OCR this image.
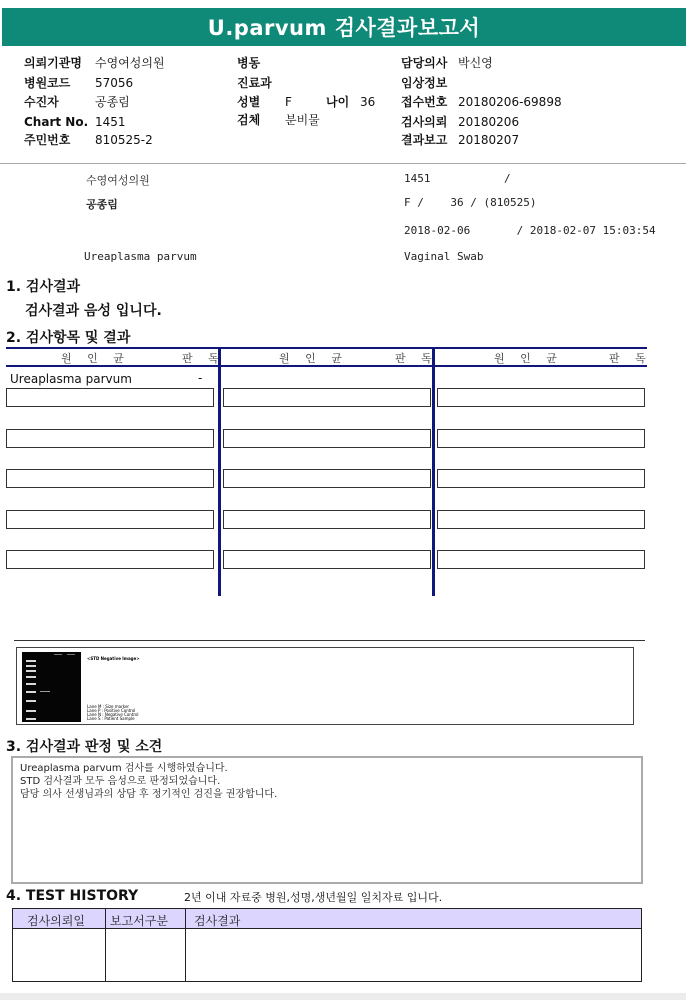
U.parvum 검사결과보고서
의뢰기관명 수영여성의원
병원코드 57056
수진자	공종림
Chart No. 1451
주민번호 810525-2
병동
진료과
성별 F	나이 36
검체 분비물
담당의사 박신영
임상정보
접수번호 20180206-69898
검사의뢰 20180206
결과보고 20180207
수영여성의원	1451	/
공종림	F /    36 / (810525)
2018-02-06       / 2018-02-07 15:03:54
Ureaplasma parvum	Vaginal Swab
1. 검사결과
검사결과 음성 입니다.
2. 검사항목 및 결과
원 인 균	판 독	원 인 균	판 독	원 인 균	판 독
Ureaplasma parvum	-
<STD Negative Image>
Lane M : Size marker
Lane P : Positive Control
Lane N : Negative Control
Lane S : Patient Sample
3. 검사결과 판정 및 소견
Ureaplasma parvum 검사를 시행하였습니다.
STD 검사결과 모두 음성으로 판정되었습니다.
담당 의사 선생님과의 상담 후 정기적인 검진을 권장합니다.
4. TEST HISTORY	2년 이내 자료중 병원,성명,생년월일 일치자료 입니다.
검사의뢰일 보고서구분 검사결과
